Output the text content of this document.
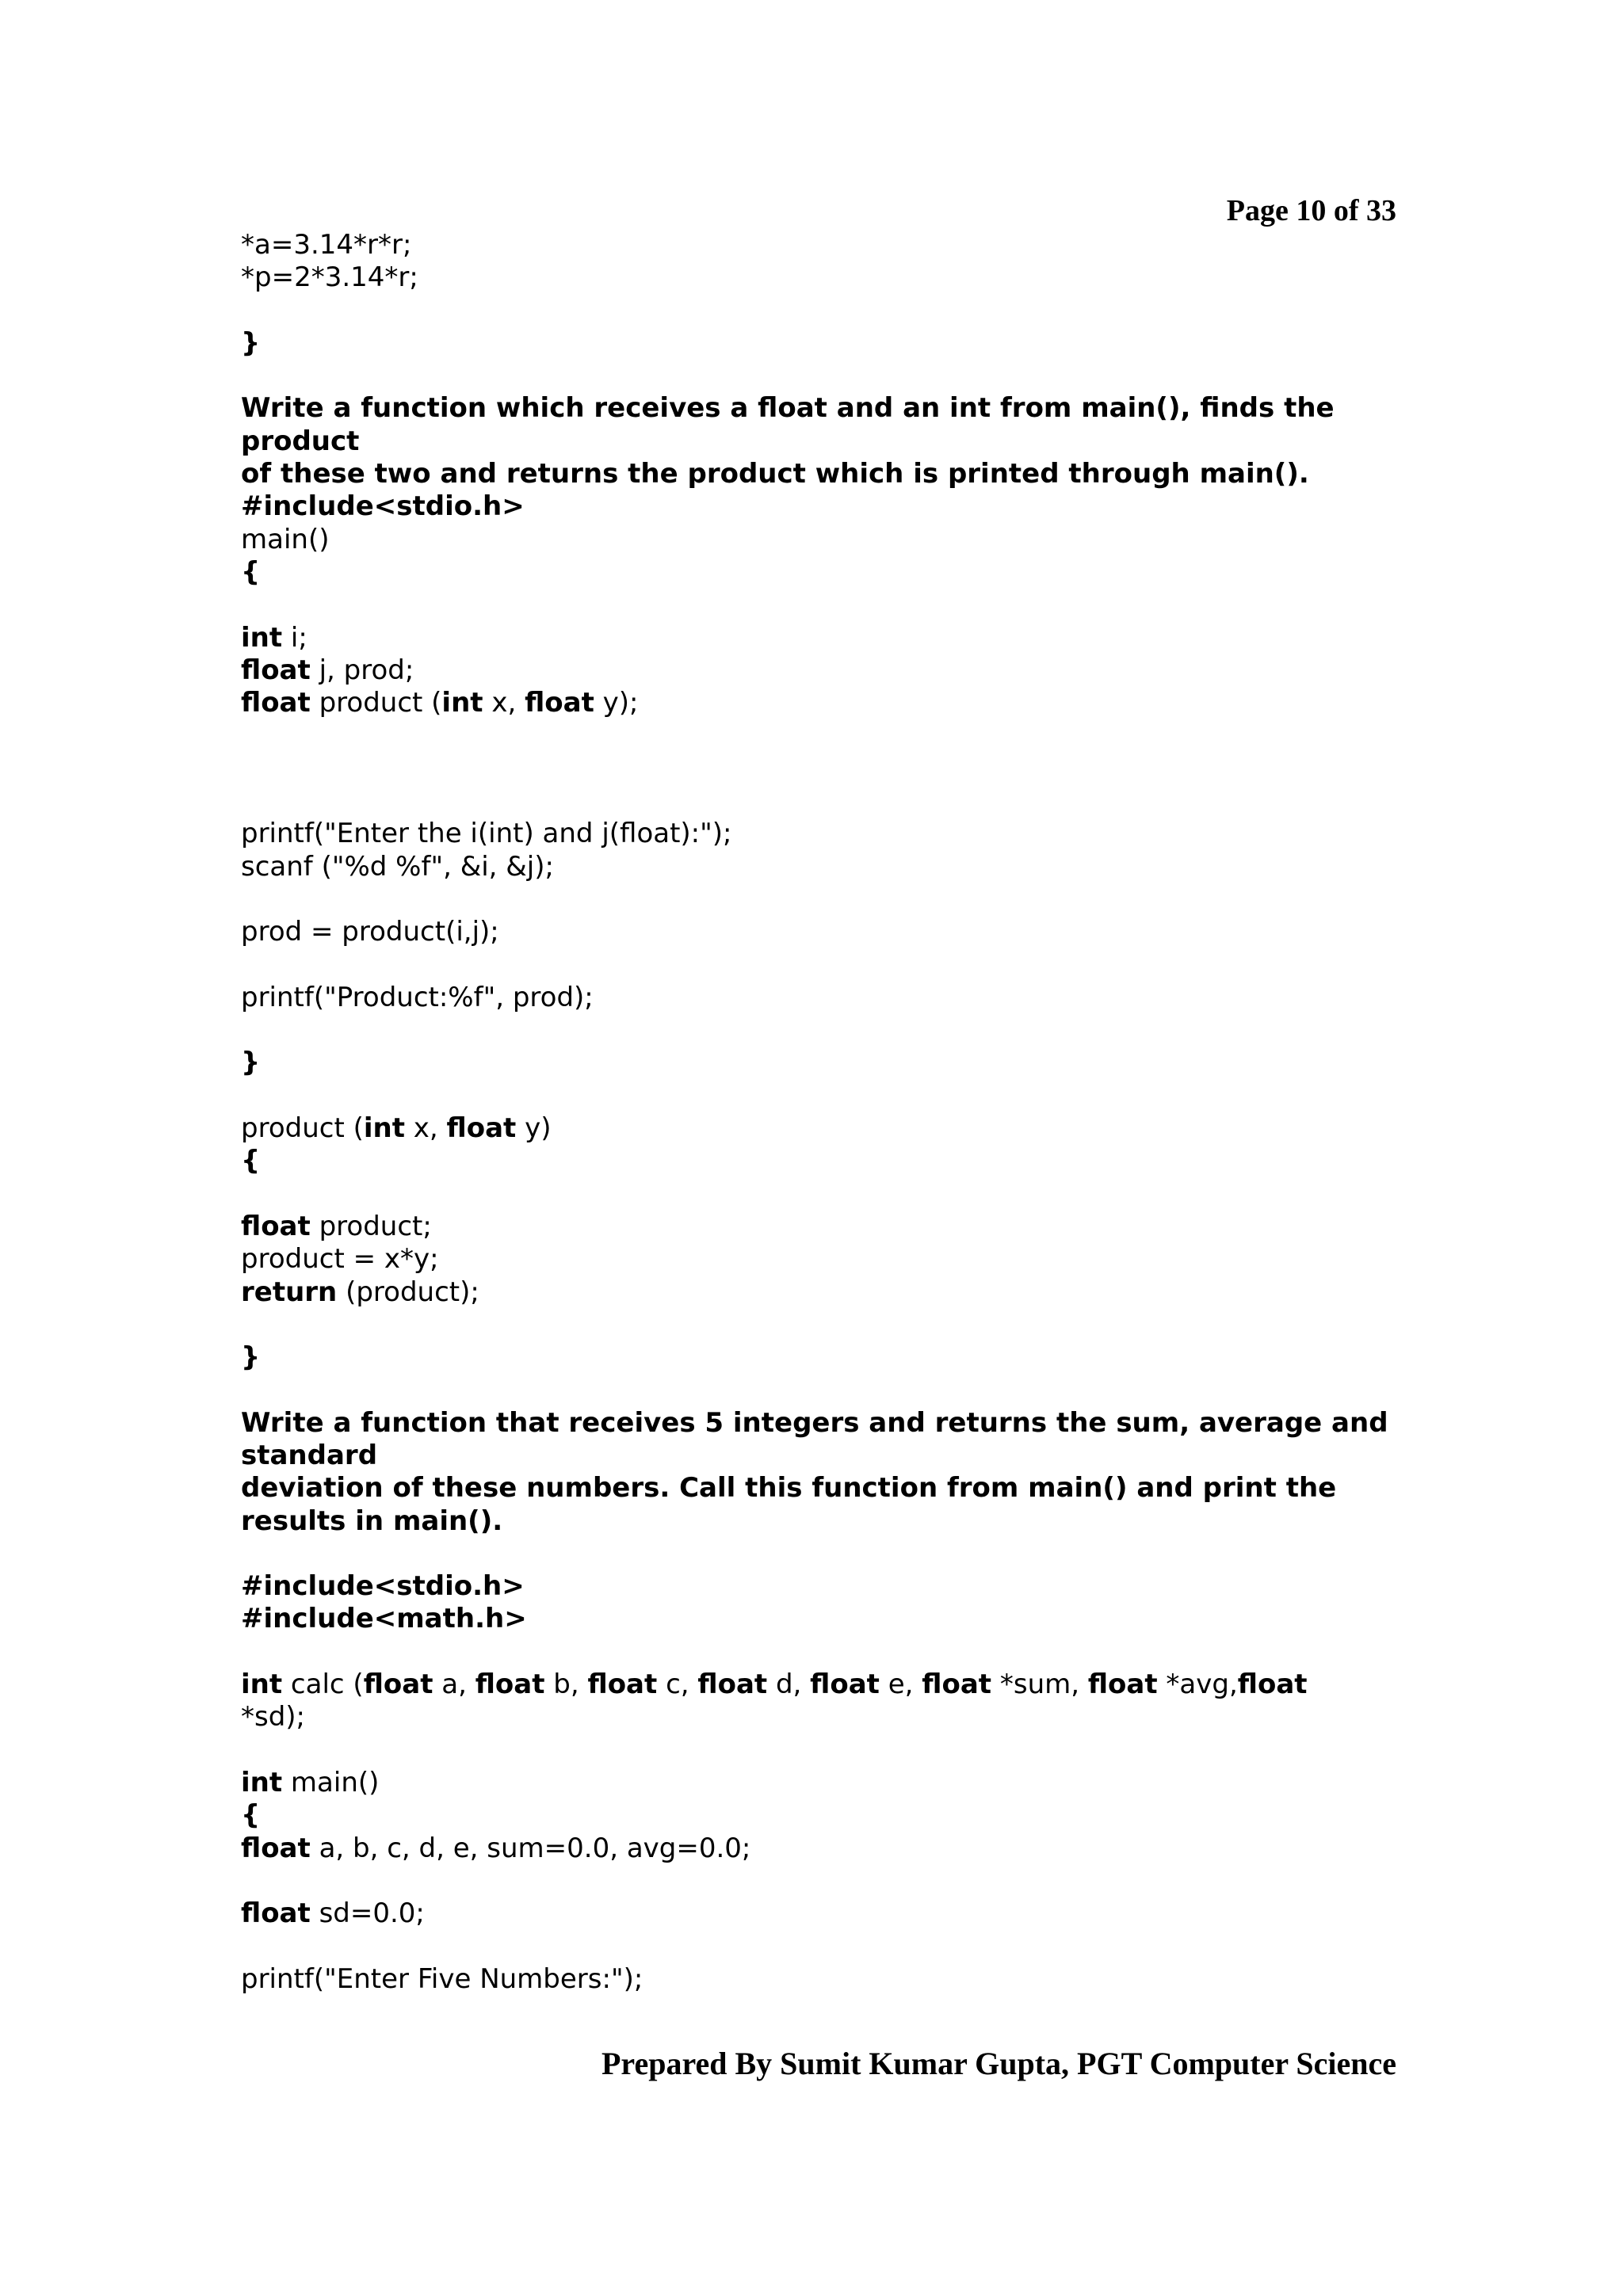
Page 10 of 33
*a=3.14*r*r;
*p=2*3.14*r;
}
Write a function which receives a float and an int from main(), finds the
product
of these two and returns the product which is printed through main().
#include<stdio.h>
main()
{
int i;
float j, prod;
float product (int x, float y);
printf("Enter the i(int) and j(float):");
scanf ("%d %f", &i, &j);
prod = product(i,j);
printf("Product:%f", prod);
}
product (int x, float y)
{
float product;
product = x*y;
return (product);
}
Write a function that receives 5 integers and returns the sum, average and
standard
deviation of these numbers. Call this function from main() and print the
results in main().
#include<stdio.h>
#include<math.h>
int calc (float a, float b, float c, float d, float e, float *sum, float *avg,float
*sd);
int main()
{
float a, b, c, d, e, sum=0.0, avg=0.0;
float sd=0.0;
printf("Enter Five Numbers:");
Prepared By Sumit Kumar Gupta, PGT Computer Science
